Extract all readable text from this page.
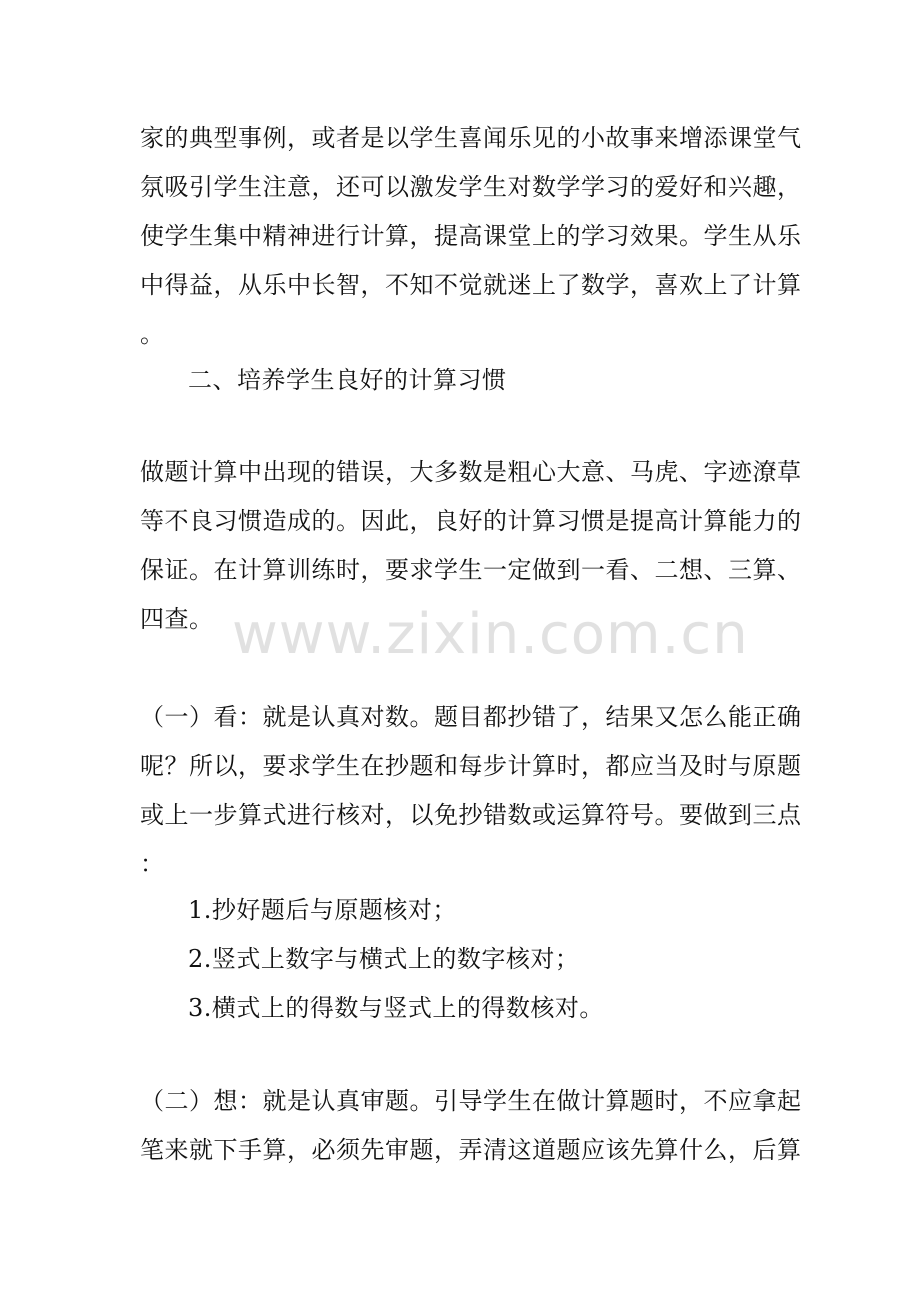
家的典型事例，或者是以学生喜闻乐见的小故事来增添课堂气
氛吸引学生注意，还可以激发学生对数学学习的爱好和兴趣，
使学生集中精神进行计算，提高课堂上的学习效果。学生从乐
中得益，从乐中长智，不知不觉就迷上了数学，喜欢上了计算
。
二、培养学生良好的计算习惯
做题计算中出现的错误，大多数是粗心大意、马虎、字迹潦草
等不良习惯造成的。因此，良好的计算习惯是提高计算能力的
保证。在计算训练时，要求学生一定做到一看、二想、三算、
四查。
（一）看：就是认真对数。题目都抄错了，结果又怎么能正确
呢？所以，要求学生在抄题和每步计算时，都应当及时与原题
或上一步算式进行核对，以免抄错数或运算符号。要做到三点
：
1.抄好题后与原题核对；
2.竖式上数字与横式上的数字核对；
3.横式上的得数与竖式上的得数核对。
（二）想：就是认真审题。引导学生在做计算题时，不应拿起
笔来就下手算，必须先审题，弄清这道题应该先算什么，后算
www.zixin.com.cn
